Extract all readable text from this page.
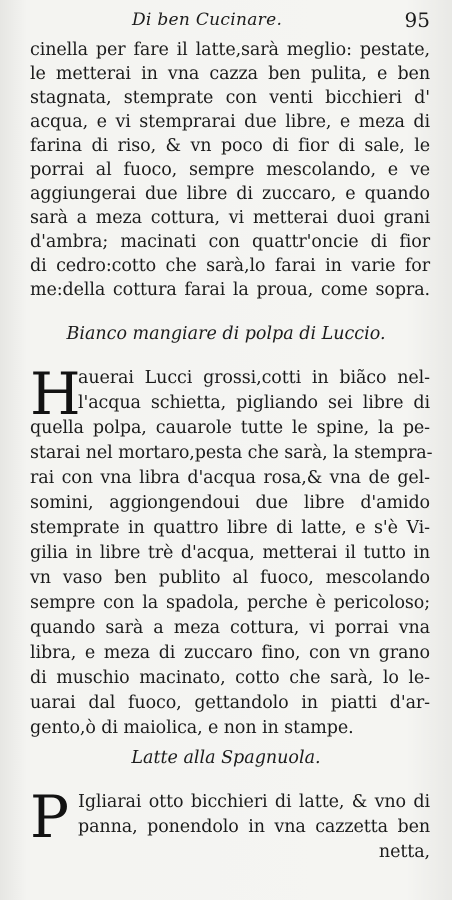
Di ben Cucinare.	95
cinella per fare il latte,sarà meglio: pestate,
le metterai in vna cazza ben pulita, e ben
stagnata, stemprate con venti bicchieri d'
acqua, e vi stemprarai due libre, e meza di
farina di riso, & vn poco di fior di sale, le
porrai al fuoco, sempre mescolando, e ve
aggiungerai due libre di zuccaro, e quando
sarà a meza cottura, vi metterai duoi grani
d'ambra; macinati con quattr'oncie di fior
di cedro:cotto che sarà,lo farai in varie for
me:della cottura farai la proua, come sopra.
Bianco mangiare di polpa di Luccio.
H
auerai Lucci grossi,cotti in biãco nel-
l'acqua schietta, pigliando sei libre di
quella polpa, cauarole tutte le spine, la pe-
starai nel mortaro,pesta che sarà, la stempra-
rai con vna libra d'acqua rosa,& vna de gel-
somini, aggiongendoui due libre d'amido
stemprate in quattro libre di latte, e s'è Vi-
gilia in libre trè d'acqua, metterai il tutto in
vn vaso ben publito al fuoco, mescolando
sempre con la spadola, perche è pericoloso;
quando sarà a meza cottura, vi porrai vna
libra, e meza di zuccaro fino, con vn grano
di muschio macinato, cotto che sarà, lo le-
uarai dal fuoco, gettandolo in piatti d'ar-
gento,ò di maiolica, e non in stampe.
Latte alla Spagnuola.
P Igliarai otto bicchieri di latte, & vno di
panna, ponendolo in vna cazzetta ben
netta,
